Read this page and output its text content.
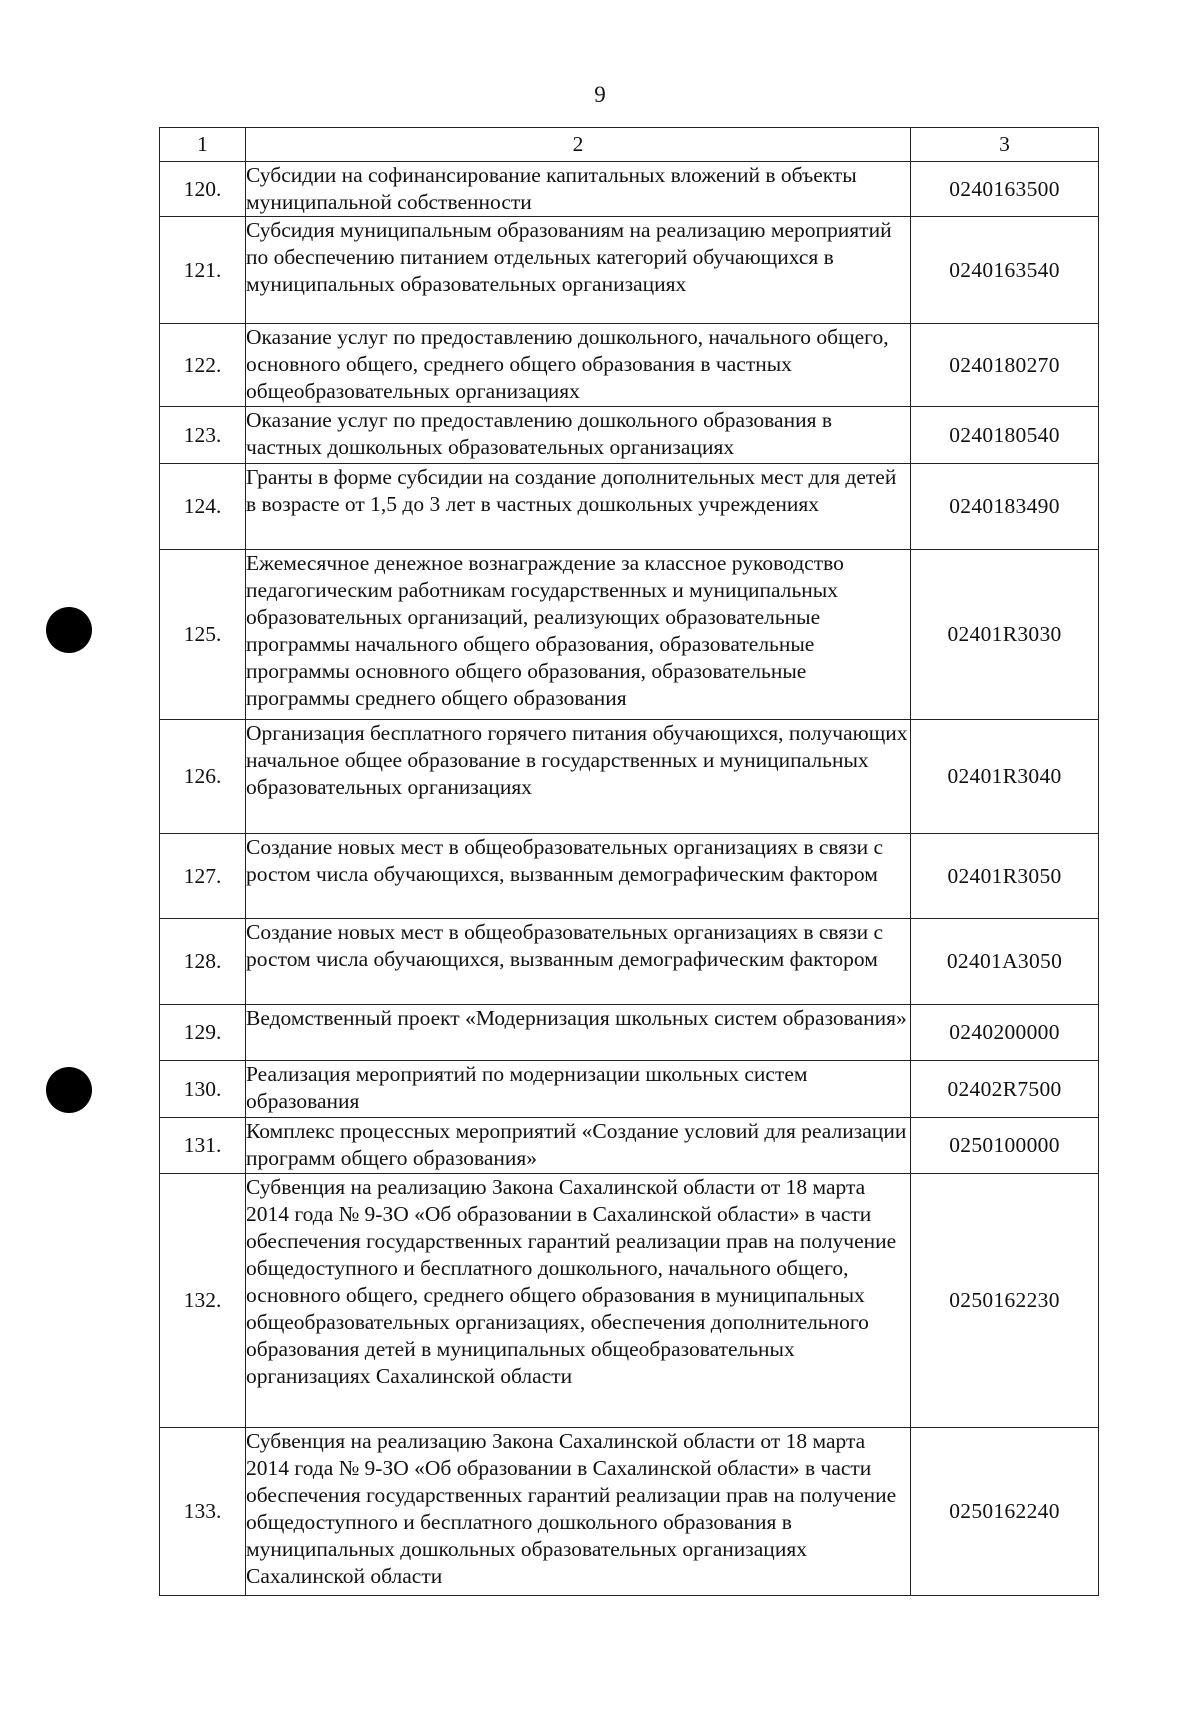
9
1	2	3
120.	Субсидии на софинансирование капитальных вложений в объекты муниципальной собственности	0240163500
121.	Субсидия муниципальным образованиям на реализацию мероприятий по обеспечению питанием отдельных категорий обучающихся в муниципальных образовательных организациях	0240163540
122.	Оказание услуг по предоставлению дошкольного, начального общего, основного общего, среднего общего образования в частных общеобразовательных организациях	0240180270
123.	Оказание услуг по предоставлению дошкольного образования в частных дошкольных образовательных организациях	0240180540
124.	Гранты в форме субсидии на создание дополнительных мест для детей в возрасте от 1,5 до 3 лет в частных дошкольных учреждениях	0240183490
125.	Ежемесячное денежное вознаграждение за классное руководство педагогическим работникам государственных и муниципальных образовательных организаций, реализующих образовательные программы начального общего образования, образовательные программы основного общего образования, образовательные программы среднего общего образования	02401R3030
126.	Организация бесплатного горячего питания обучающихся, получающих начальное общее образование в государственных и муниципальных образовательных организациях	02401R3040
127.	Создание новых мест в общеобразовательных организациях в связи с ростом числа обучающихся, вызванным демографическим фактором	02401R3050
128.	Создание новых мест в общеобразовательных организациях в связи с ростом числа обучающихся, вызванным демографическим фактором	02401A3050
129.	Ведомственный проект «Модернизация школьных систем образования»	0240200000
130.	Реализация мероприятий по модернизации школьных систем образования	02402R7500
131.	Комплекс процессных мероприятий «Создание условий для реализации программ общего образования»	0250100000
132.	Субвенция на реализацию Закона Сахалинской области от 18 марта 2014 года № 9-ЗО «Об образовании в Сахалинской области» в части обеспечения государственных гарантий реализации прав на получение общедоступного и бесплатного дошкольного, начального общего, основного общего, среднего общего образования в муниципальных общеобразовательных организациях, обеспечения дополнительного образования детей в муниципальных общеобразовательных организациях Сахалинской области	0250162230
133.	Субвенция на реализацию Закона Сахалинской области от 18 марта 2014 года № 9-ЗО «Об образовании в Сахалинской области» в части обеспечения государственных гарантий реализации прав на получение общедоступного и бесплатного дошкольного образования в муниципальных дошкольных образовательных организациях Сахалинской области	0250162240
